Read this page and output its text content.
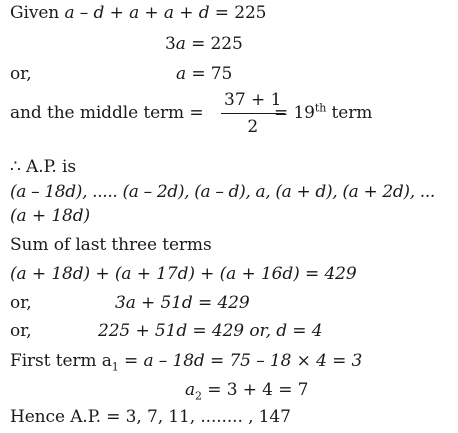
Given a – d + a + a + d = 225
3a = 225
or,	a = 75
and the middle term = $\frac{37 + 1}{2}$
= 19th term
∴ A.P. is
(a – 18d), ..... (a – 2d), (a – d), a, (a + d), (a + 2d), ...
(a + 18d)
Sum of last three terms
(a + 18d) + (a + 17d) + (a + 16d) = 429
or,	3a + 51d = 429
or,	225 + 51d = 429 or, d = 4
First term $a_1 = a - 18d = 75 - 18 \times 4 = 3$
$a_2 = 3 + 4 = 7$
Hence A.P. = 3, 7, 11, ........ , 147
